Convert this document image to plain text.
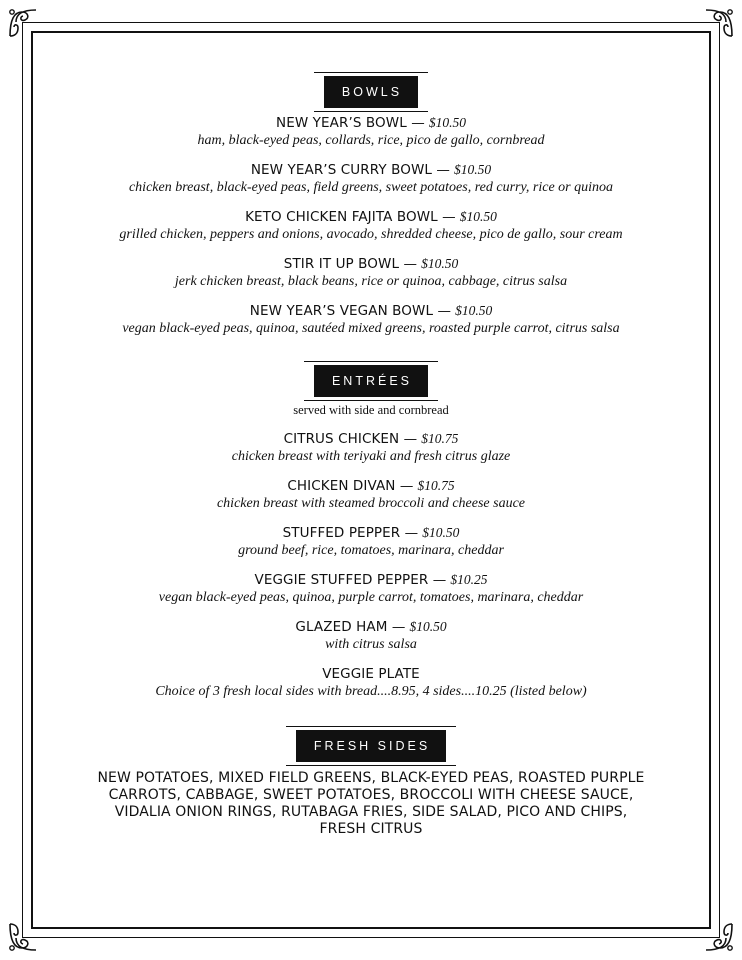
BOWLS
NEW YEAR’S BOWL — $10.50
ham, black-eyed peas, collards, rice, pico de gallo, cornbread
NEW YEAR’S CURRY BOWL — $10.50
chicken breast, black-eyed peas, field greens, sweet potatoes, red curry, rice or quinoa
KETO CHICKEN FAJITA BOWL — $10.50
grilled chicken, peppers and onions, avocado, shredded cheese, pico de gallo, sour cream
STIR IT UP BOWL — $10.50
jerk chicken breast, black beans, rice or quinoa, cabbage, citrus salsa
NEW YEAR’S VEGAN BOWL — $10.50
vegan black-eyed peas, quinoa, sautéed mixed greens, roasted purple carrot, citrus salsa
ENTRÉES
served with side and cornbread
CITRUS CHICKEN — $10.75
chicken breast with teriyaki and fresh citrus glaze
CHICKEN DIVAN — $10.75
chicken breast with steamed broccoli and cheese sauce
STUFFED PEPPER — $10.50
ground beef, rice, tomatoes, marinara, cheddar
VEGGIE STUFFED PEPPER — $10.25
vegan black-eyed peas, quinoa, purple carrot, tomatoes, marinara, cheddar
GLAZED HAM — $10.50
with citrus salsa
VEGGIE PLATE
Choice of 3 fresh local sides with bread....8.95, 4 sides....10.25 (listed below)
FRESH SIDES
NEW POTATOES, MIXED FIELD GREENS, BLACK-EYED PEAS, ROASTED PURPLE CARROTS, CABBAGE, SWEET POTATOES, BROCCOLI WITH CHEESE SAUCE, VIDALIA ONION RINGS, RUTABAGA FRIES, SIDE SALAD, PICO AND CHIPS, FRESH CITRUS
